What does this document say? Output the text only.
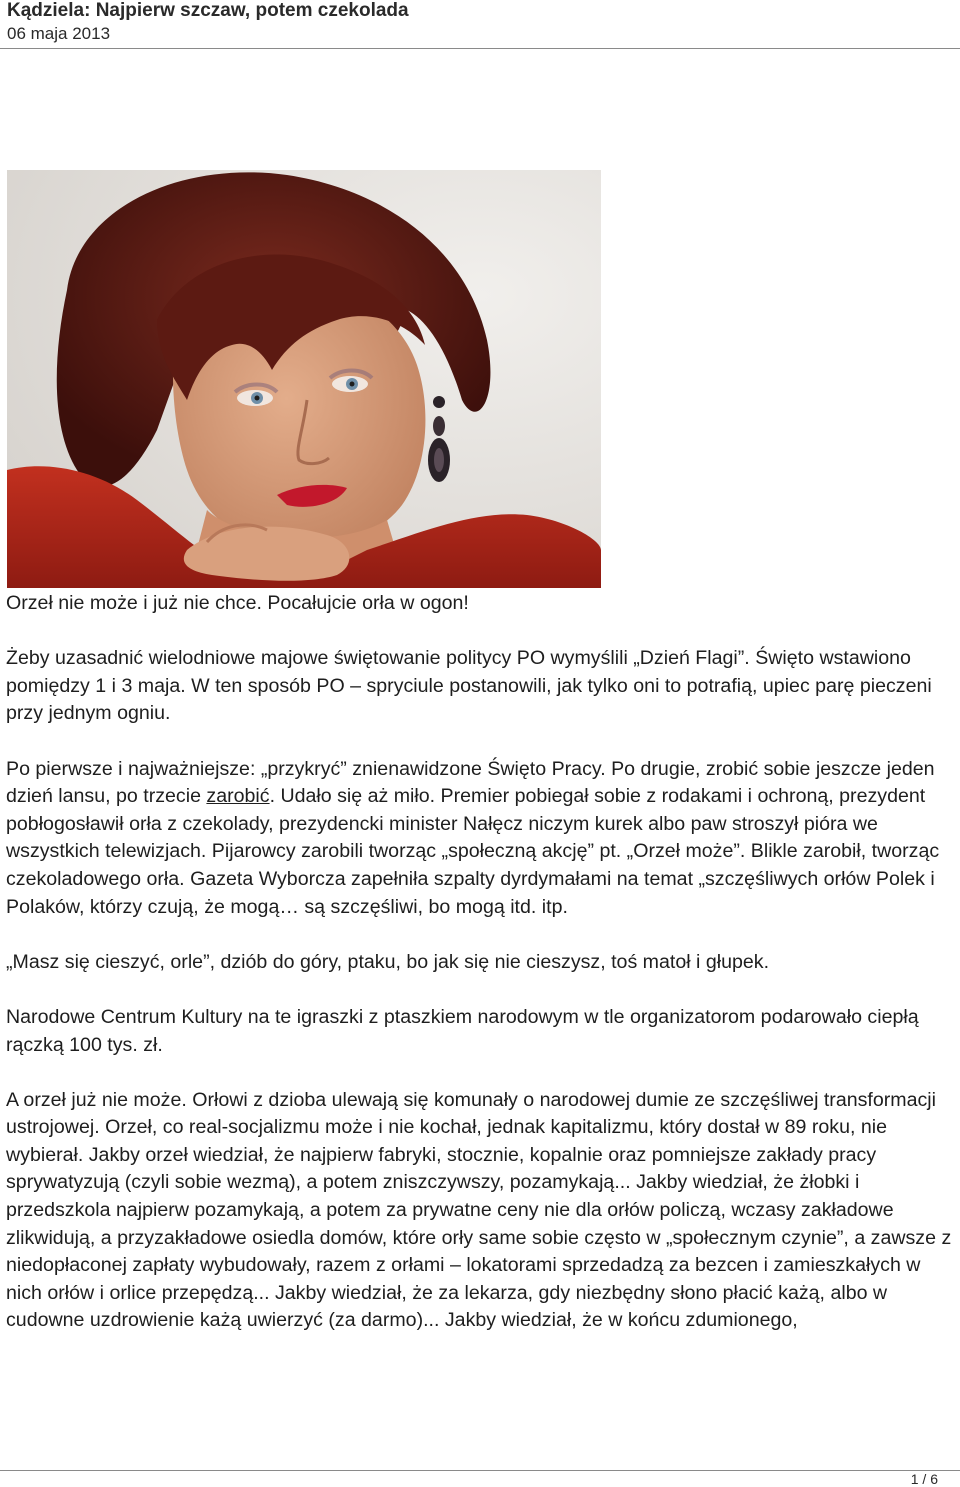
Kądziela: Najpierw szczaw, potem czekolada
06 maja 2013

Orzeł nie może i już nie chce. Pocałujcie orła w ogon!

Żeby uzasadnić wielodniowe majowe świętowanie politycy PO wymyślili „Dzień Flagi”. Święto wstawiono pomiędzy 1 i 3 maja. W ten sposób PO – spryciule postanowili, jak tylko oni to potrafią, upiec parę pieczeni przy jednym ogniu.

Po pierwsze i najważniejsze: „przykryć” znienawidzone Święto Pracy. Po drugie, zrobić sobie jeszcze jeden dzień lansu, po trzecie zarobić. Udało się aż miło. Premier pobiegał sobie z rodakami i ochroną, prezydent pobłogosławił orła z czekolady, prezydencki minister Nałęcz niczym kurek albo paw stroszył pióra we wszystkich telewizjach. Pijarowcy zarobili tworząc „społeczną akcję” pt. „Orzeł może”. Blikle zarobił, tworząc czekoladowego orła. Gazeta Wyborcza zapełniła szpalty dyrdymałami na temat „szczęśliwych orłów Polek i Polaków, którzy czują, że mogą… są szczęśliwi, bo mogą itd. itp.

„Masz się cieszyć, orle”, dziób do góry, ptaku, bo jak się nie cieszysz, toś matoł i głupek.

Narodowe Centrum Kultury na te igraszki z ptaszkiem narodowym w tle organizatorom podarowało ciepłą rączką 100 tys. zł.

A orzeł już nie może. Orłowi z dzioba ulewają się komunały o narodowej dumie ze szczęśliwej transformacji ustrojowej. Orzeł, co real-socjalizmu może i nie kochał, jednak kapitalizmu, który dostał w 89 roku, nie wybierał. Jakby orzeł wiedział, że najpierw fabryki, stocznie, kopalnie oraz pomniejsze zakłady pracy sprywatyzują (czyli sobie wezmą), a potem zniszczywszy, pozamykają... Jakby wiedział, że żłobki i przedszkola najpierw pozamykają, a potem za prywatne ceny nie dla orłów policzą, wczasy zakładowe zlikwidują, a przyzakładowe osiedla domów, które orły same sobie często w „społecznym czynie”, a zawsze z niedopłaconej zapłaty wybudowały, razem z orłami – lokatorami sprzedadzą za bezcen i zamieszkałych w nich orłów i orlice przepędzą... Jakby wiedział, że za lekarza, gdy niezbędny słono płacić każą, albo w cudowne uzdrowienie każą uwierzyć (za darmo)... Jakby wiedział, że w końcu zdumionego,

1 / 6
